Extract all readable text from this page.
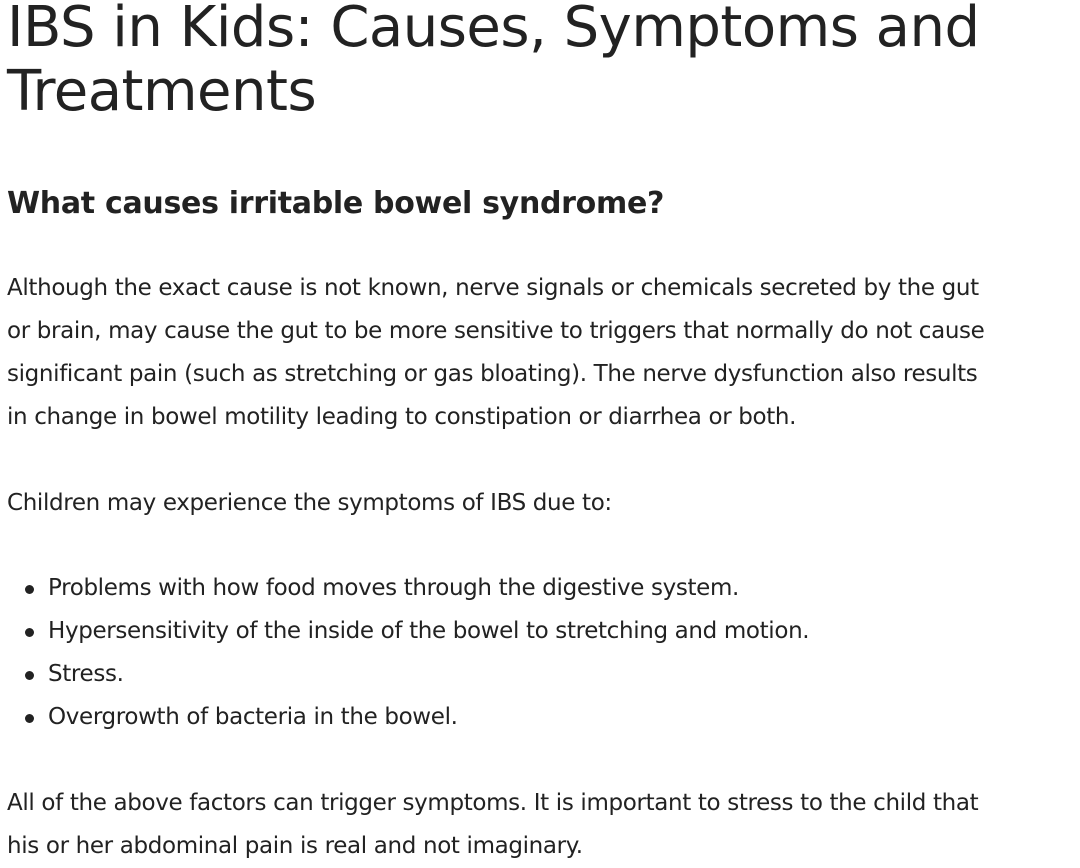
IBS in Kids: Causes, Symptoms and
Treatments
What causes irritable bowel syndrome?

Although the exact cause is not known, nerve signals or chemicals secreted by the gut
or brain, may cause the gut to be more sensitive to triggers that normally do not cause
significant pain (such as stretching or gas bloating). The nerve dysfunction also results
in change in bowel motility leading to constipation or diarrhea or both.

Children may experience the symptoms of IBS due to:

Problems with how food moves through the digestive system.
Hypersensitivity of the inside of the bowel to stretching and motion.
Stress.
Overgrowth of bacteria in the bowel.

All of the above factors can trigger symptoms. It is important to stress to the child that
his or her abdominal pain is real and not imaginary.
